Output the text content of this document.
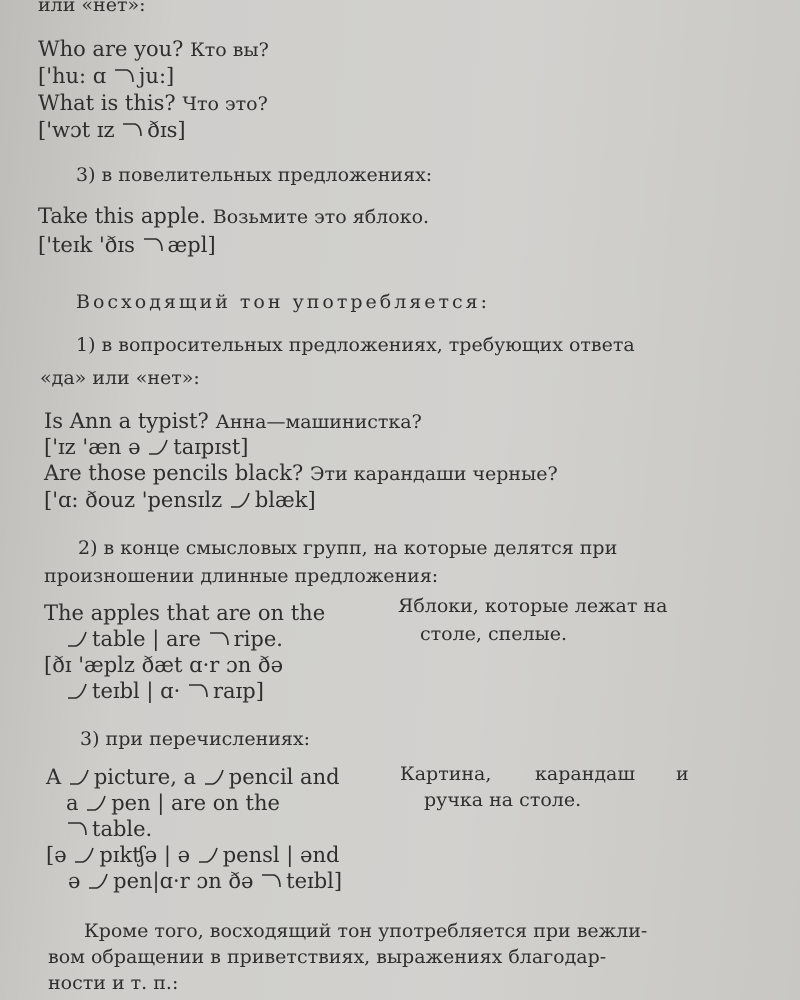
или «нет»:
Who are you? Кто вы?
['hu: ɑ ju:]
What is this? Что это?
['wɔt ɪz ðɪs]
3) в повелительных предложениях:
Take this apple. Возьмите это яблоко.
['teɪk 'ðɪs æpl]
Восходящий тон употребляется:
1) в вопросительных предложениях, требующих ответа
«да» или «нет»:
Is Ann a typist? Анна—машинистка?
['ɪz 'æn ə taɪpɪst]
Are those pencils black? Эти карандаши черные?
['ɑ: ðouz 'pensɪlz blæk]
2) в конце смысловых групп, на которые делятся при
произношении длинные предложения:
The apples that are on the
table | are ripe.
[ðɪ 'æplz ðæt ɑ·r ɔn ðə
teɪbl | ɑ· raɪp]
Яблоки, которые лежат на
столе, спелые.
3) при перечислениях:
A picture, a pencil and
a pen | are on the
table.
[ə pɪkʧə | ə pensl | ənd
ə pen|ɑ·r ɔn ðə teɪbl]
Картина, карандаш и
ручка на столе.
Кроме того, восходящий тон употребляется при вежли-
вом обращении в приветствиях, выражениях благодар-
ности и т. п.:
